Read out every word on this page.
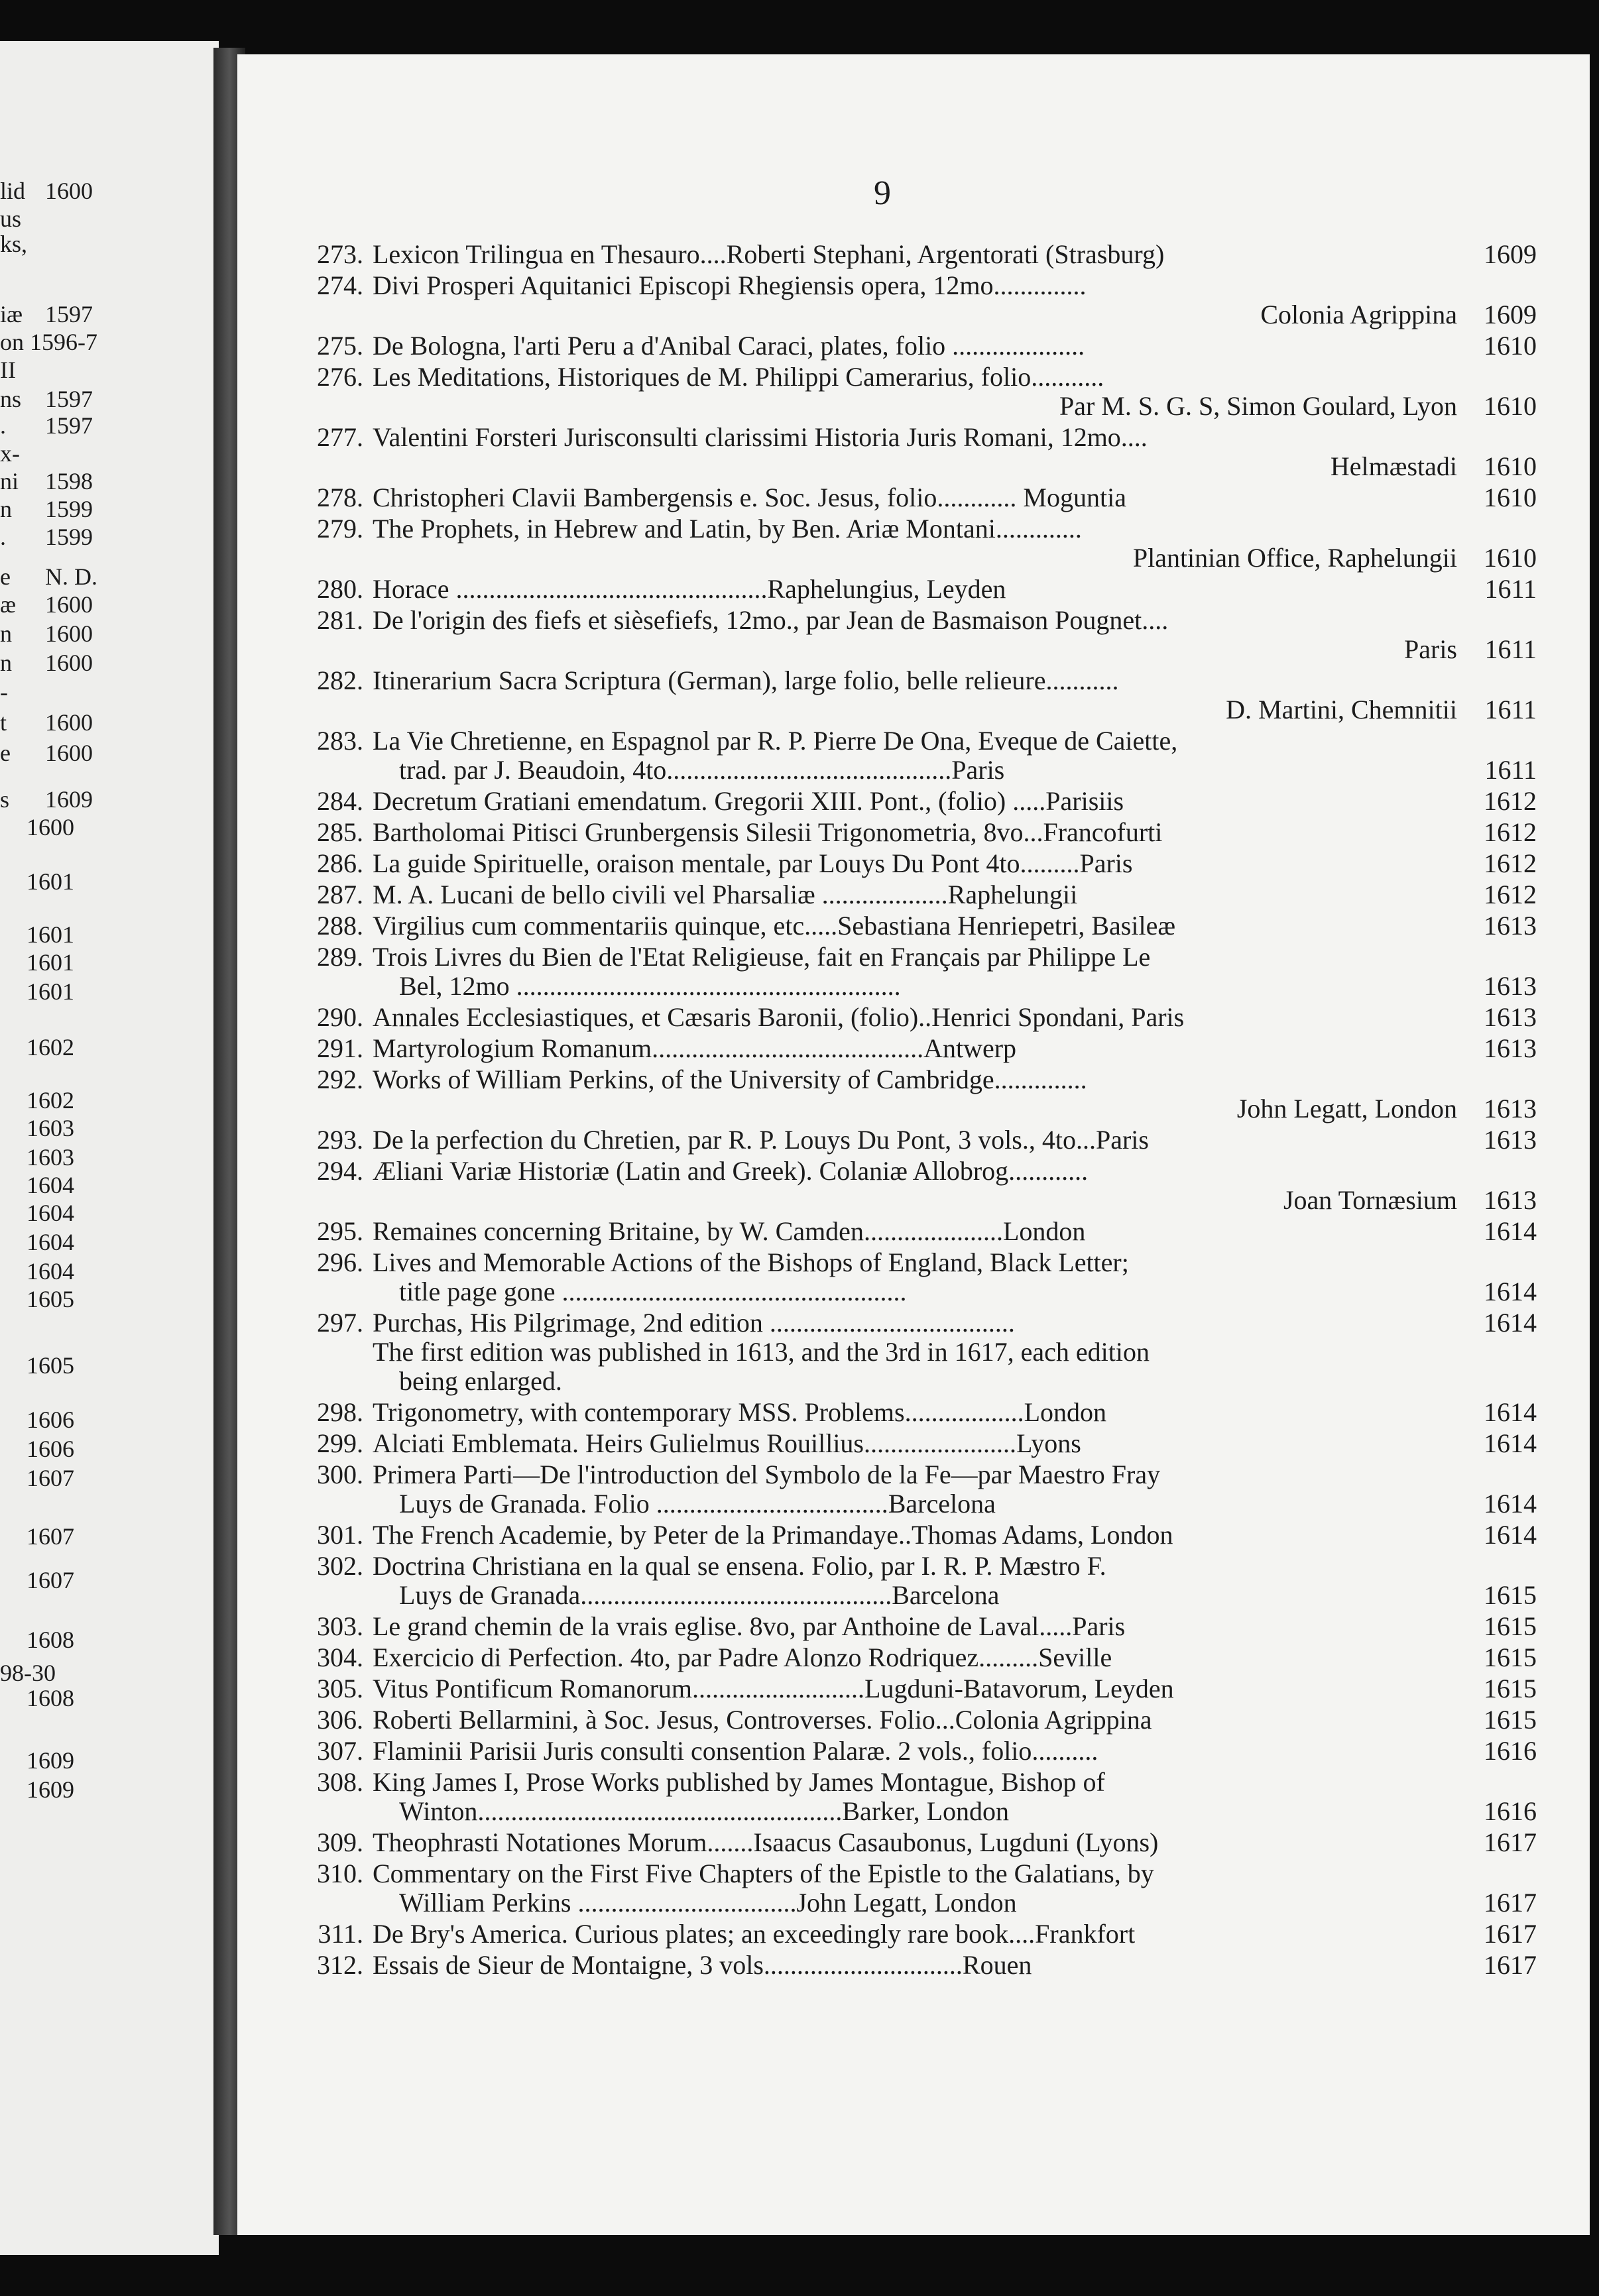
lid 1600
us
ks,
iæ 1597
on 1596-7
II
ns 1597
. 1597
x-
ni 1598
n 1599
. 1599
e N. D.
æ 1600
n 1600
n 1600
-
t 1600
e 1600
s 1609
1600
1601
1601
1601
1601
1602
1602
1603
1603
1604
1604
1604
1604
1605
1605
1606
1606
1607
1607
1607
1608
98-30
1608
1609
1609
9
273. Lexicon Trilingua en Thesauro....Roberti Stephani, Argentorati (Strasburg)	1609
274. Divi Prosperi Aquitanici Episcopi Rhegiensis opera, 12mo..............
Colonia Agrippina	1609
275. De Bologna, l'arti Peru a d'Anibal Caraci, plates, folio ....................	1610
276. Les Meditations, Historiques de M. Philippi Camerarius, folio...........
Par M. S. G. S, Simon Goulard, Lyon	1610
277. Valentini Forsteri Jurisconsulti clarissimi Historia Juris Romani, 12mo....
Helmæstadi	1610
278. Christopheri Clavii Bambergensis e. Soc. Jesus, folio............ Moguntia	1610
279. The Prophets, in Hebrew and Latin, by Ben. Ariæ Montani.............
Plantinian Office, Raphelungii	1610
280. Horace ...............................................Raphelungius, Leyden	1611
281. De l'origin des fiefs et sièsefiefs, 12mo., par Jean de Basmaison Pougnet....
Paris	1611
282. Itinerarium Sacra Scriptura (German), large folio, belle relieure...........
D. Martini, Chemnitii	1611
283. La Vie Chretienne, en Espagnol par R. P. Pierre De Ona, Eveque de Caiette,
trad. par J. Beaudoin, 4to...........................................Paris	1611
284. Decretum Gratiani emendatum. Gregorii XIII. Pont., (folio) .....Parisiis	1612
285. Bartholomai Pitisci Grunbergensis Silesii Trigonometria, 8vo...Francofurti	1612
286. La guide Spirituelle, oraison mentale, par Louys Du Pont 4to.........Paris	1612
287. M. A. Lucani de bello civili vel Pharsaliæ ...................Raphelungii	1612
288. Virgilius cum commentariis quinque, etc.....Sebastiana Henriepetri, Basileæ	1613
289. Trois Livres du Bien de l'Etat Religieuse, fait en Français par Philippe Le
Bel, 12mo ..........................................................	1613
290. Annales Ecclesiastiques, et Cæsaris Baronii, (folio)..Henrici Spondani, Paris	1613
291. Martyrologium Romanum.........................................Antwerp	1613
292. Works of William Perkins, of the University of Cambridge..............
John Legatt, London	1613
293. De la perfection du Chretien, par R. P. Louys Du Pont, 3 vols., 4to...Paris	1613
294. Æliani Variæ Historiæ (Latin and Greek). Colaniæ Allobrog............
Joan Tornæsium	1613
295. Remaines concerning Britaine, by W. Camden.....................London	1614
296. Lives and Memorable Actions of the Bishops of England, Black Letter;
title page gone ....................................................	1614
297. Purchas, His Pilgrimage, 2nd edition .....................................	1614
The first edition was published in 1613, and the 3rd in 1617, each edition
being enlarged.
298. Trigonometry, with contemporary MSS. Problems..................London	1614
299. Alciati Emblemata. Heirs Gulielmus Rouillius.......................Lyons	1614
300. Primera Parti—De l'introduction del Symbolo de la Fe—par Maestro Fray
Luys de Granada. Folio ...................................Barcelona	1614
301. The French Academie, by Peter de la Primandaye..Thomas Adams, London	1614
302. Doctrina Christiana en la qual se ensena. Folio, par I. R. P. Mæstro F.
Luys de Granada...............................................Barcelona	1615
303. Le grand chemin de la vrais eglise. 8vo, par Anthoine de Laval.....Paris	1615
304. Exercicio di Perfection. 4to, par Padre Alonzo Rodriquez.........Seville	1615
305. Vitus Pontificum Romanorum..........................Lugduni-Batavorum, Leyden	1615
306. Roberti Bellarmini, à Soc. Jesus, Controverses. Folio...Colonia Agrippina	1615
307. Flaminii Parisii Juris consulti consention Palaræ. 2 vols., folio..........	1616
308. King James I, Prose Works published by James Montague, Bishop of
Winton.......................................................Barker, London	1616
309. Theophrasti Notationes Morum.......Isaacus Casaubonus, Lugduni (Lyons)	1617
310. Commentary on the First Five Chapters of the Epistle to the Galatians, by
William Perkins .................................John Legatt, London	1617
311. De Bry's America. Curious plates; an exceedingly rare book....Frankfort	1617
312. Essais de Sieur de Montaigne, 3 vols..............................Rouen	1617
